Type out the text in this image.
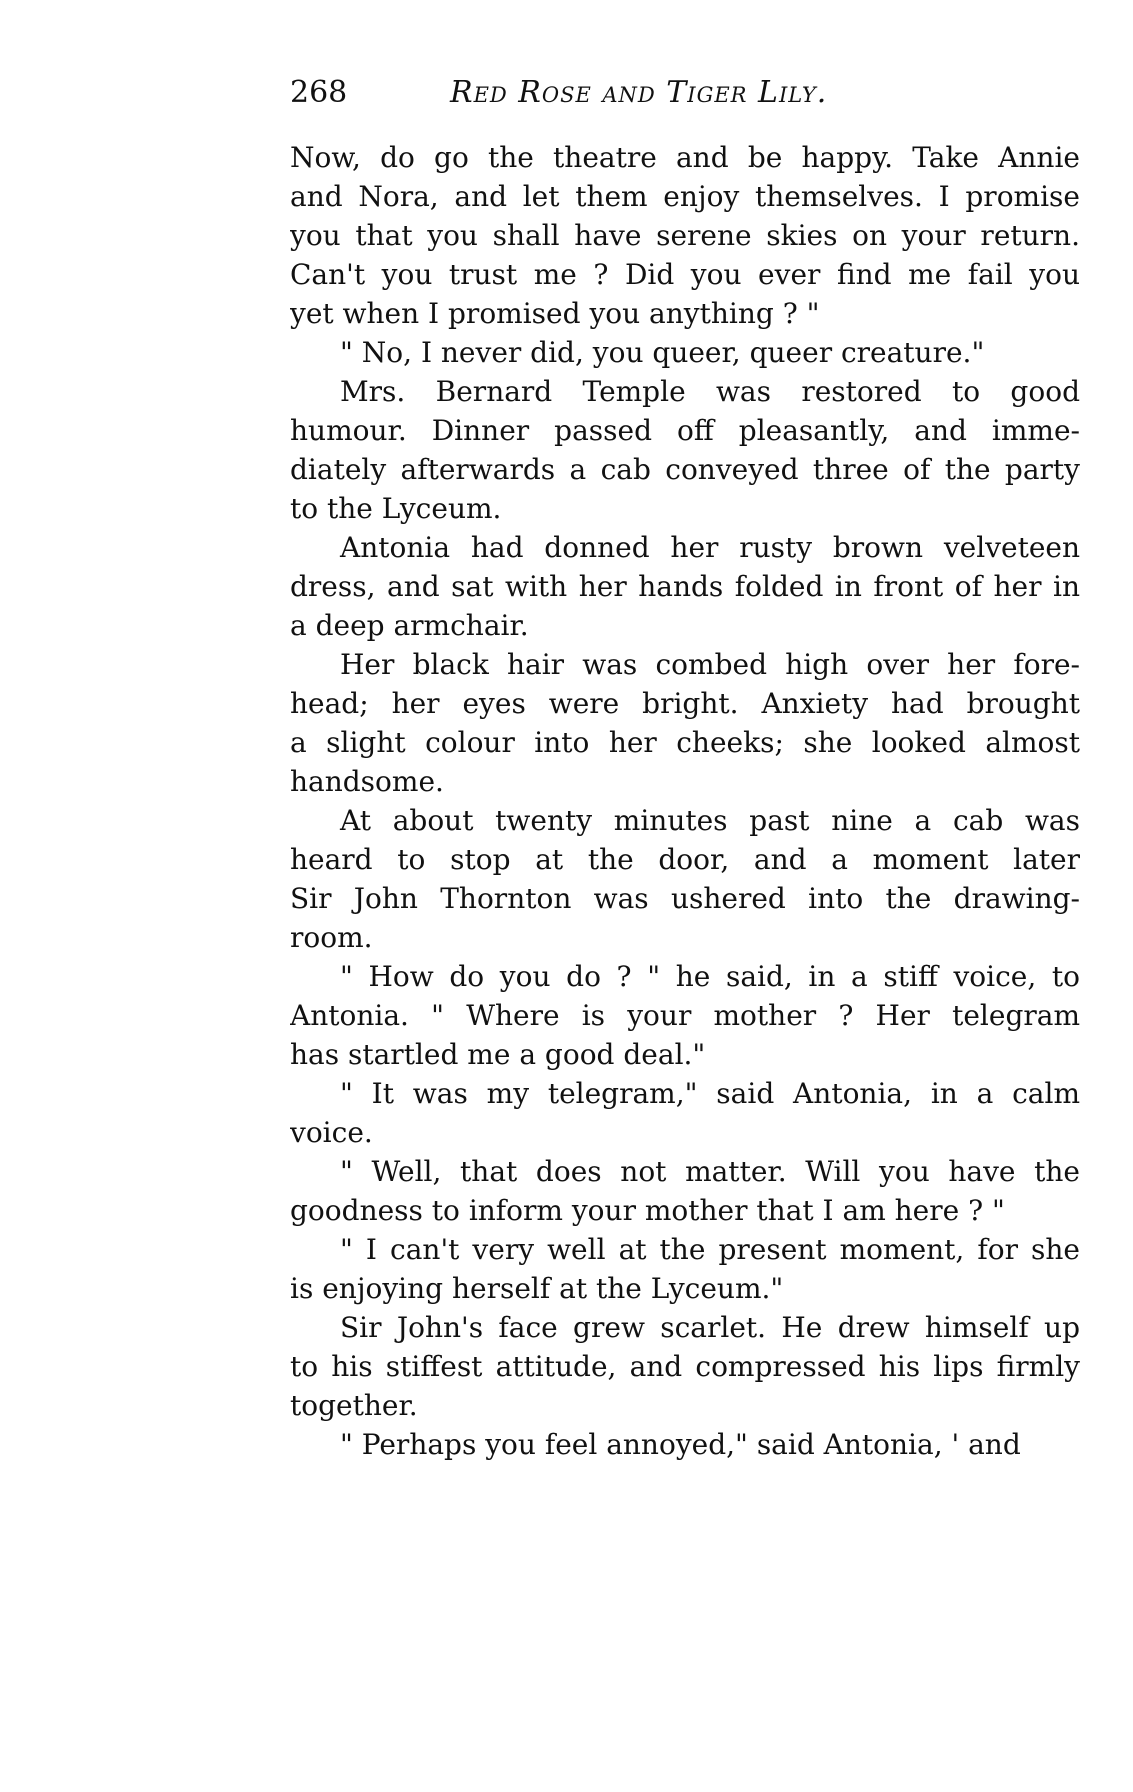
268	Red Rose and Tiger Lily.
Now, do go the theatre and be happy. Take Annie
and Nora, and let them enjoy themselves. I promise
you that you shall have serene skies on your return.
Can't you trust me ? Did you ever find me fail you
yet when I promised you anything ? "
" No, I never did, you queer, queer creature."
Mrs. Bernard Temple was restored to good
humour. Dinner passed off pleasantly, and imme-
diately afterwards a cab conveyed three of the party
to the Lyceum.
Antonia had donned her rusty brown velveteen
dress, and sat with her hands folded in front of her in
a deep armchair.
Her black hair was combed high over her fore-
head; her eyes were bright. Anxiety had brought
a slight colour into her cheeks; she looked almost
handsome.
At about twenty minutes past nine a cab was
heard to stop at the door, and a moment later
Sir John Thornton was ushered into the drawing-
room.
" How do you do ? " he said, in a stiff voice, to
Antonia. " Where is your mother ? Her telegram
has startled me a good deal."
" It was my telegram," said Antonia, in a calm
voice.
" Well, that does not matter. Will you have the
goodness to inform your mother that I am here ? "
" I can't very well at the present moment, for she
is enjoying herself at the Lyceum."
Sir John's face grew scarlet. He drew himself up
to his stiffest attitude, and compressed his lips firmly
together.
" Perhaps you feel annoyed," said Antonia, ' and
